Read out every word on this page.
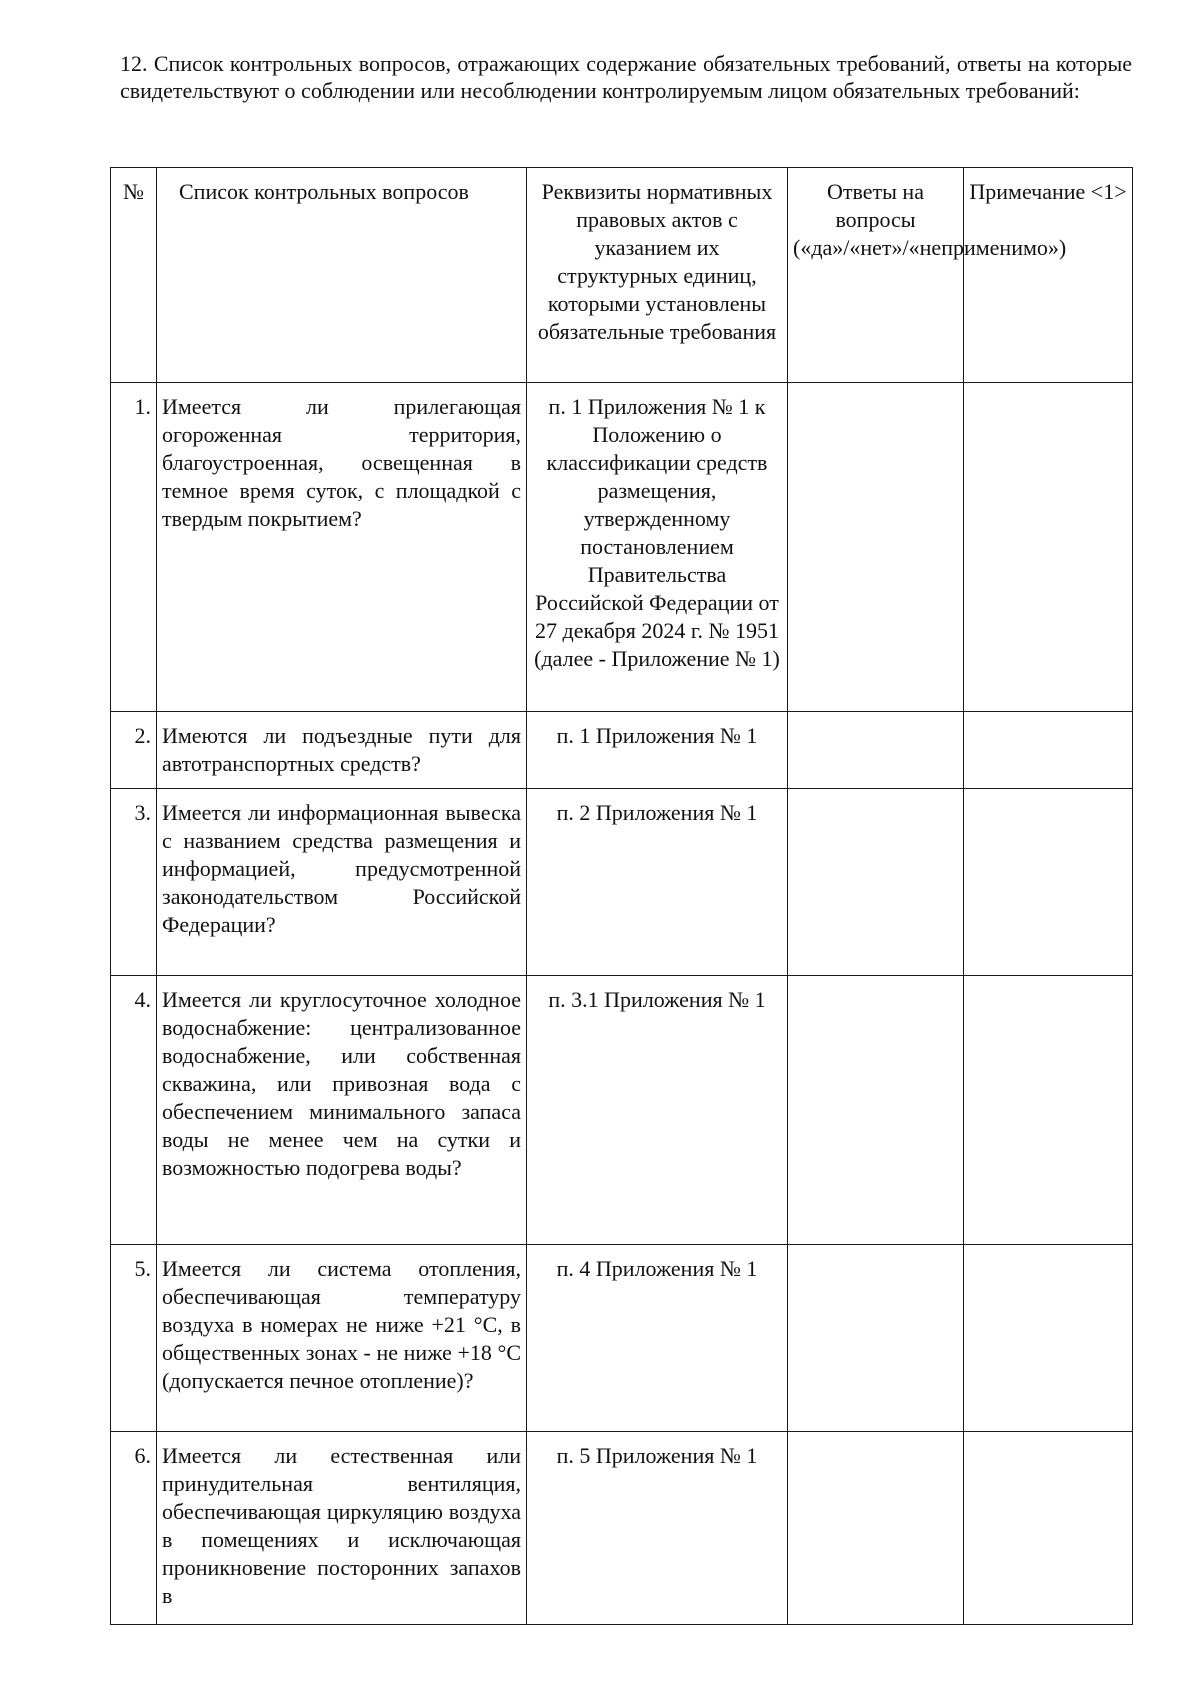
12. Список контрольных вопросов, отражающих содержание обязательных требований, ответы на которые свидетельствуют о соблюдении или несоблюдении контролируемым лицом обязательных требований:

№	Список контрольных вопросов	Реквизиты нормативных правовых актов с указанием их структурных единиц, которыми установлены обязательные требования	Ответы на вопросы («да»/«нет»/«неприменимо»)	Примечание <1>
1.	Имеется ли прилегающая огороженная территория, благоустроенная, освещенная в темное время суток, с площадкой с твердым покрытием?	п. 1 Приложения № 1 к Положению о классификации средств размещения, утвержденному постановлением Правительства Российской Федерации от 27 декабря 2024 г. № 1951 (далее - Приложение № 1)		
2.	Имеются ли подъездные пути для автотранспортных средств?	п. 1 Приложения № 1		
3.	Имеется ли информационная вывеска с названием средства размещения и информацией, предусмотренной законодательством Российской Федерации?	п. 2 Приложения № 1		
4.	Имеется ли круглосуточное холодное водоснабжение: централизованное водоснабжение, или собственная скважина, или привозная вода с обеспечением минимального запаса воды не менее чем на сутки и возможностью подогрева воды?	п. 3.1 Приложения № 1		
5.	Имеется ли система отопления, обеспечивающая температуру воздуха в номерах не ниже +21 °С, в общественных зонах - не ниже +18 °С (допускается печное отопление)?	п. 4 Приложения № 1		
6.	Имеется ли естественная или принудительная вентиляция, обеспечивающая циркуляцию воздуха в помещениях и исключающая проникновение посторонних запахов в	п. 5 Приложения № 1		
